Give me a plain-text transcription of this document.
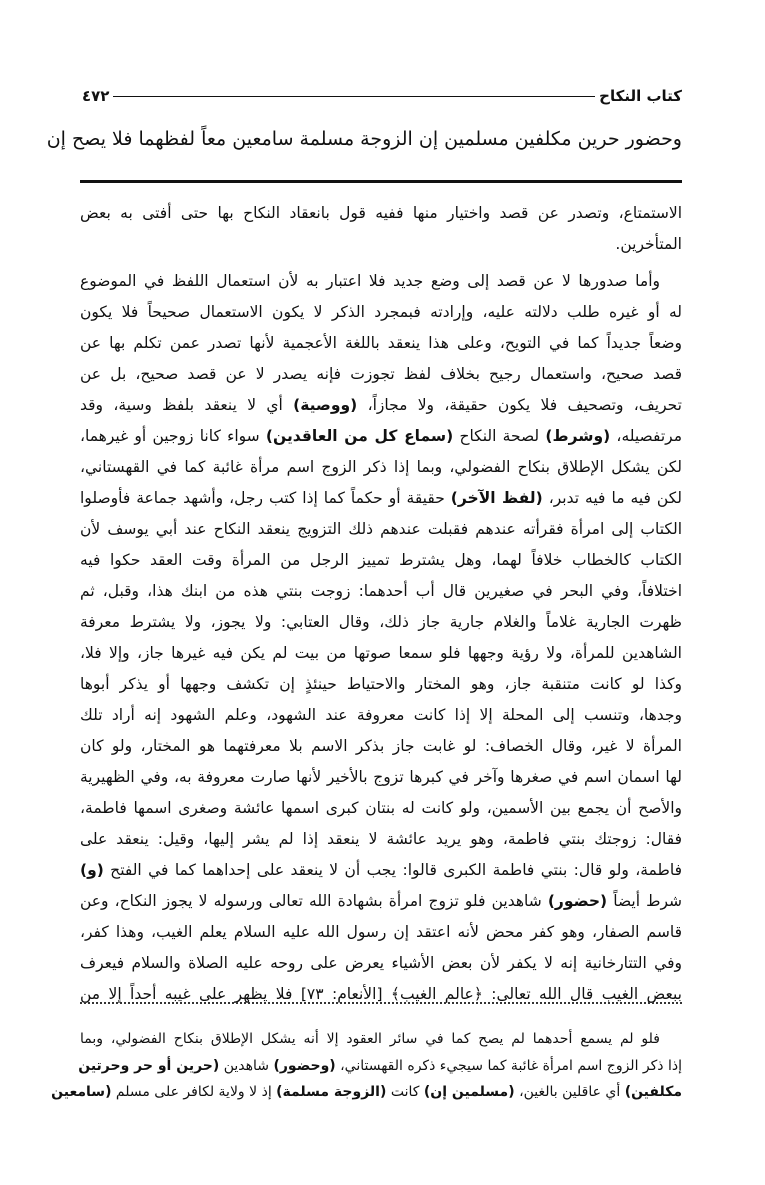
كتاب النكاح
٤٧٢
وحضور حرين مكلفين مسلمين إن الزوجة مسلمة سامعين معاً لفظهما فلا يصح إن
الاستمتاع، وتصدر عن قصد واختيار منها ففيه قول بانعقاد النكاح بها حتى أفتى به بعض
المتأخرين.
وأما صدورها لا عن قصد إلى وضع جديد فلا اعتبار به لأن استعمال اللفظ في الموضوع
له أو غيره طلب دلالته عليه، وإرادته فبمجرد الذكر لا يكون الاستعمال صحيحاً فلا يكون
وضعاً جديداً كما في التويح، وعلى هذا ينعقد باللغة الأعجمية لأنها تصدر عمن تكلم بها عن
قصد صحيح، واستعمال رجيح بخلاف لفظ تجوزت فإنه يصدر لا عن قصد صحيح، بل عن
تحريف، وتصحيف فلا يكون حقيقة، ولا مجازاً، (ووصية) أي لا ينعقد بلفظ وسية، وقد
مرتفصيله، (وشرط) لصحة النكاح (سماع كل من العاقدين) سواء كانا زوجين أو غيرهما،
لكن يشكل الإطلاق بنكاح الفضولي، وبما إذا ذكر الزوج اسم مرأة غائبة كما في القهستاني،
لكن فيه ما فيه تدبر، (لفظ الآخر) حقيقة أو حكماً كما إذا كتب رجل، وأشهد جماعة فأوصلوا
الكتاب إلى امرأة فقرأته عندهم فقبلت عندهم ذلك التزويج ينعقد النكاح عند أبي يوسف لأن
الكتاب كالخطاب خلافاً لهما، وهل يشترط تمييز الرجل من المرأة وقت العقد حكوا فيه
اختلافاً، وفي البحر في صغيرين قال أب أحدهما: زوجت بنتي هذه من ابنك هذا، وقبل، ثم
ظهرت الجارية غلاماً والغلام جارية جاز ذلك، وقال العتابي: ولا يجوز، ولا يشترط معرفة
الشاهدين للمرأة، ولا رؤية وجهها فلو سمعا صوتها من بيت لم يكن فيه غيرها جاز، وإلا فلا،
وكذا لو كانت متنقبة جاز، وهو المختار والاحتياط حينئذٍ إن تكشف وجهها أو يذكر أبوها
وجدها، وتنسب إلى المحلة إلا إذا كانت معروفة عند الشهود، وعلم الشهود إنه أراد تلك
المرأة لا غير، وقال الخصاف: لو غابت جاز بذكر الاسم بلا معرفتهما هو المختار، ولو كان
لها اسمان اسم في صغرها وآخر في كبرها تزوج بالأخير لأنها صارت معروفة به، وفي الظهيرية
والأصح أن يجمع بين الأسمين، ولو كانت له بنتان كبرى اسمها عائشة وصغرى اسمها فاطمة،
فقال: زوجتك بنتي فاطمة، وهو يريد عائشة لا ينعقد إذا لم يشر إليها، وقيل: ينعقد على
فاطمة، ولو قال: بنتي فاطمة الكبرى قالوا: يجب أن لا ينعقد على إحداهما كما في الفتح (و)
شرط أيضاً (حضور) شاهدين فلو تزوج امرأة بشهادة الله تعالى ورسوله لا يجوز النكاح، وعن
قاسم الصفار، وهو كفر محض لأنه اعتقد إن رسول الله عليه السلام يعلم الغيب، وهذا كفر،
وفي التتارخانية إنه لا يكفر لأن بعض الأشياء يعرض على روحه عليه الصلاة والسلام فيعرف
ببعض الغيب قال الله تعالى: ﴿عالم الغيب﴾ [الأنعام: ٧٣] فلا يظهر على غيبه أحداً إلا من
فلو لم يسمع أحدهما لم يصح كما في سائر العقود إلا أنه يشكل الإطلاق بنكاح الفضولي، وبما
إذا ذكر الزوج اسم امرأة غائبة كما سيجيء ذكره القهستاني، (وحضور) شاهدين (حرين أو حر وحرتين
مكلفين) أي عاقلين بالغين، (مسلمين إن) كانت (الزوجة مسلمة) إذ لا ولاية لكافر على مسلم (سامعين
